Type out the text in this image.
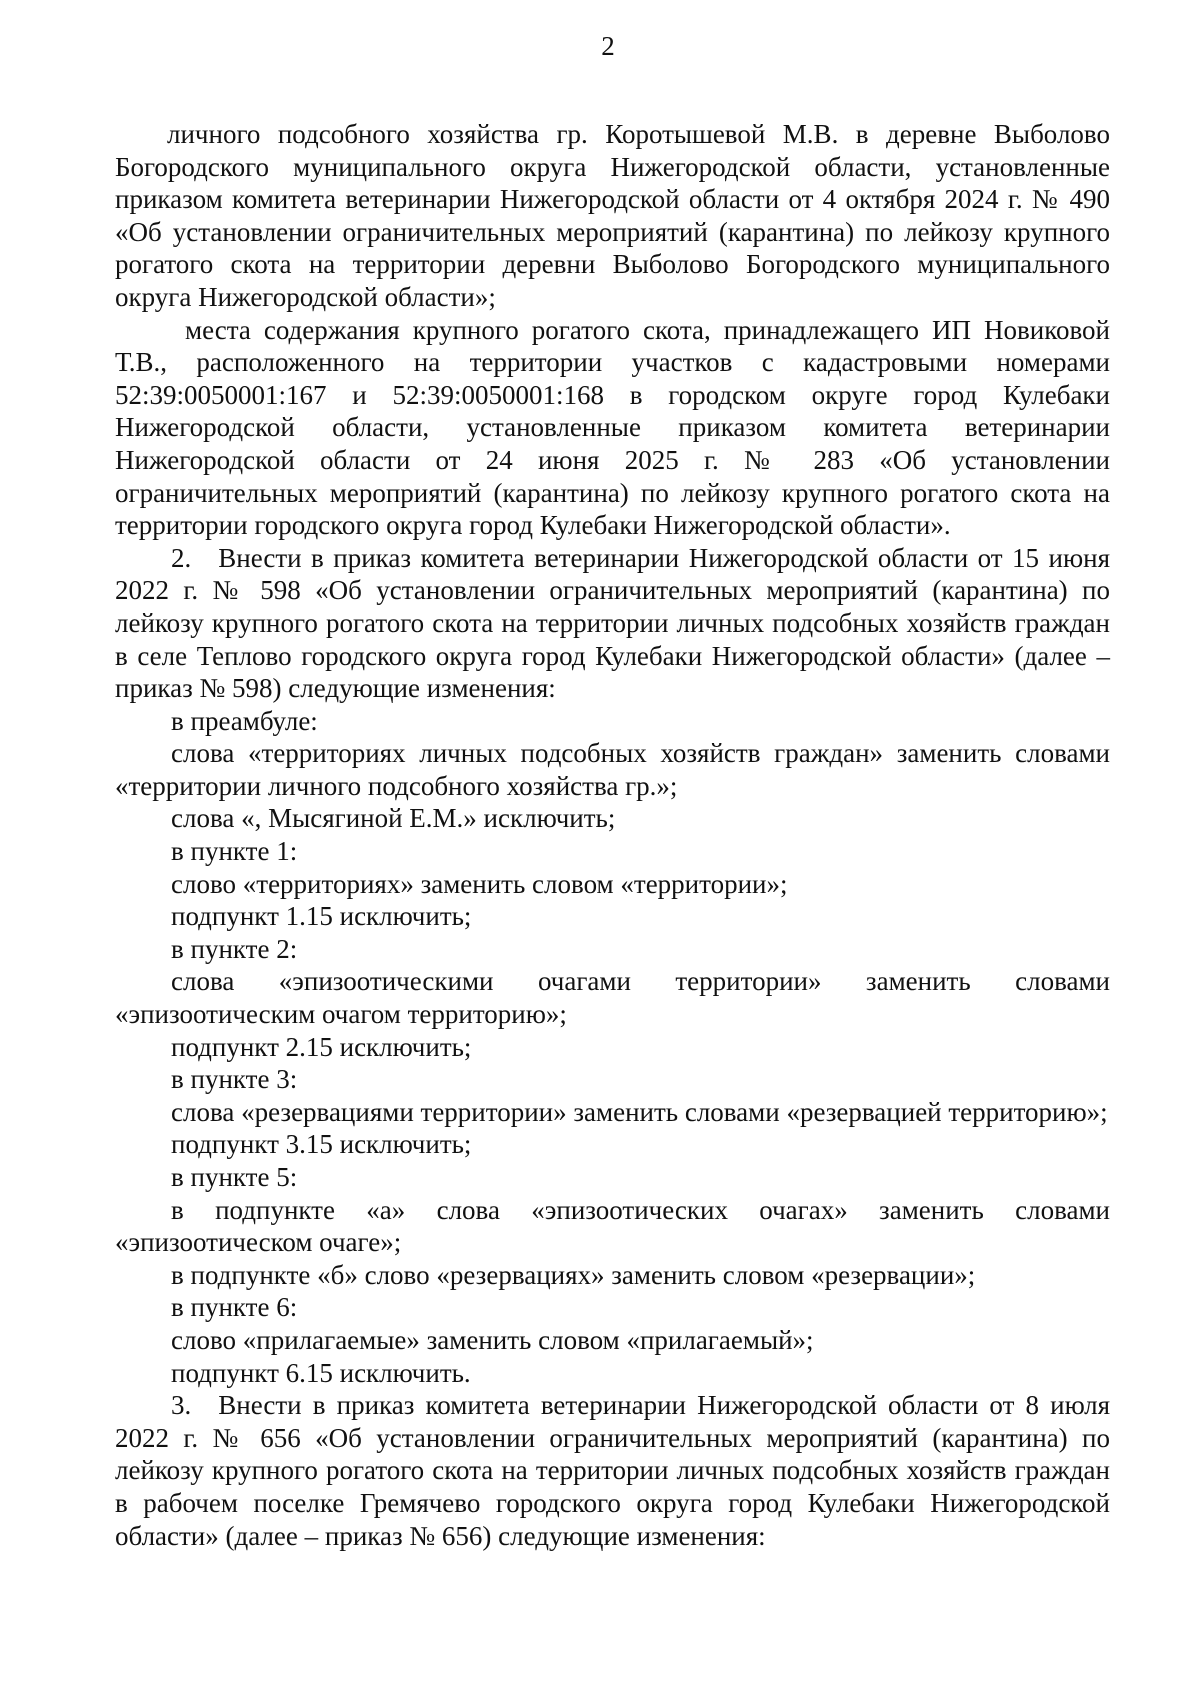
2

личного подсобного хозяйства гр. Коротышевой М.В. в деревне Выболово Богородского муниципального округа Нижегородской области, установленные приказом комитета ветеринарии Нижегородской области от 4 октября 2024 г. № 490 «Об установлении ограничительных мероприятий (карантина) по лейкозу крупного рогатого скота на территории деревни Выболово Богородского муниципального округа Нижегородской области»;

места содержания крупного рогатого скота, принадлежащего ИП Новиковой Т.В., расположенного на территории участков с кадастровыми номерами 52:39:0050001:167 и 52:39:0050001:168 в городском округе город Кулебаки Нижегородской области, установленные приказом комитета ветеринарии Нижегородской области от 24 июня 2025 г. № 283 «Об установлении ограничительных мероприятий (карантина) по лейкозу крупного рогатого скота на территории городского округа город Кулебаки Нижегородской области».

2. Внести в приказ комитета ветеринарии Нижегородской области от 15 июня 2022 г. № 598 «Об установлении ограничительных мероприятий (карантина) по лейкозу крупного рогатого скота на территории личных подсобных хозяйств граждан в селе Теплово городского округа город Кулебаки Нижегородской области» (далее – приказ № 598) следующие изменения:

в преамбуле:

слова «территориях личных подсобных хозяйств граждан» заменить словами «территории личного подсобного хозяйства гр.»;

слова «, Мысягиной Е.М.» исключить;

в пункте 1:

слово «территориях» заменить словом «территории»;

подпункт 1.15 исключить;

в пункте 2:

слова «эпизоотическими очагами территории» заменить словами «эпизоотическим очагом территорию»;

подпункт 2.15 исключить;

в пункте 3:

слова «резервациями территории» заменить словами «резервацией территорию»;

подпункт 3.15 исключить;

в пункте 5:

в подпункте «а» слова «эпизоотических очагах» заменить словами «эпизоотическом очаге»;

в подпункте «б» слово «резервациях» заменить словом «резервации»;

в пункте 6:

слово «прилагаемые» заменить словом «прилагаемый»;

подпункт 6.15 исключить.

3. Внести в приказ комитета ветеринарии Нижегородской области от 8 июля 2022 г. № 656 «Об установлении ограничительных мероприятий (карантина) по лейкозу крупного рогатого скота на территории личных подсобных хозяйств граждан в рабочем поселке Гремячево городского округа город Кулебаки Нижегородской области» (далее – приказ № 656) следующие изменения:
